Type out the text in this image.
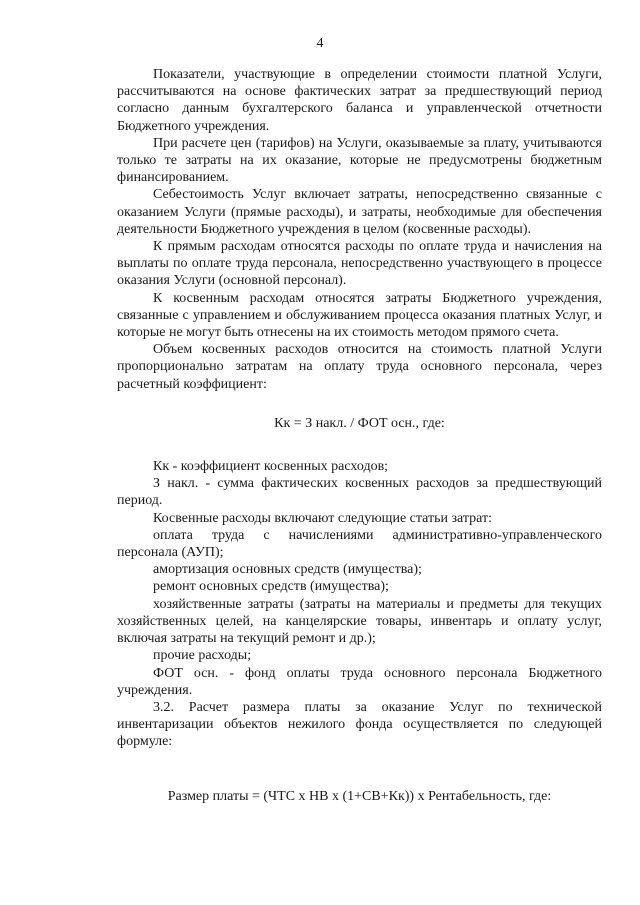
4

Показатели, участвующие в определении стоимости платной Услуги, рассчитываются на основе фактических затрат за предшествующий период согласно данным бухгалтерского баланса и управленческой отчетности Бюджетного учреждения.

При расчете цен (тарифов) на Услуги, оказываемые за плату, учитываются только те затраты на их оказание, которые не предусмотрены бюджетным финансированием.

Себестоимость Услуг включает затраты, непосредственно связанные с оказанием Услуги (прямые расходы), и затраты, необходимые для обеспечения деятельности Бюджетного учреждения в целом (косвенные расходы).

К прямым расходам относятся расходы по оплате труда и начисления на выплаты по оплате труда персонала, непосредственно участвующего в процессе оказания Услуги (основной персонал).

К косвенным расходам относятся затраты Бюджетного учреждения, связанные с управлением и обслуживанием процесса оказания платных Услуг, и которые не могут быть отнесены на их стоимость методом прямого счета.

Объем косвенных расходов относится на стоимость платной Услуги пропорционально затратам на оплату труда основного персонала, через расчетный коэффициент:

Кк = З накл. / ФОТ осн., где:

Кк - коэффициент косвенных расходов;

З накл. - сумма фактических косвенных расходов за предшествующий период.

Косвенные расходы включают следующие статьи затрат:

оплата труда с начислениями административно-управленческого персонала (АУП);

амортизация основных средств (имущества);

ремонт основных средств (имущества);

хозяйственные затраты (затраты на материалы и предметы для текущих хозяйственных целей, на канцелярские товары, инвентарь и оплату услуг, включая затраты на текущий ремонт и др.);

прочие расходы;

ФОТ осн. - фонд оплаты труда основного персонала Бюджетного учреждения.

3.2. Расчет размера платы за оказание Услуг по технической инвентаризации объектов нежилого фонда осуществляется по следующей формуле:

Размер платы = (ЧТС х НВ х (1+СВ+Кк)) х Рентабельность, где:
